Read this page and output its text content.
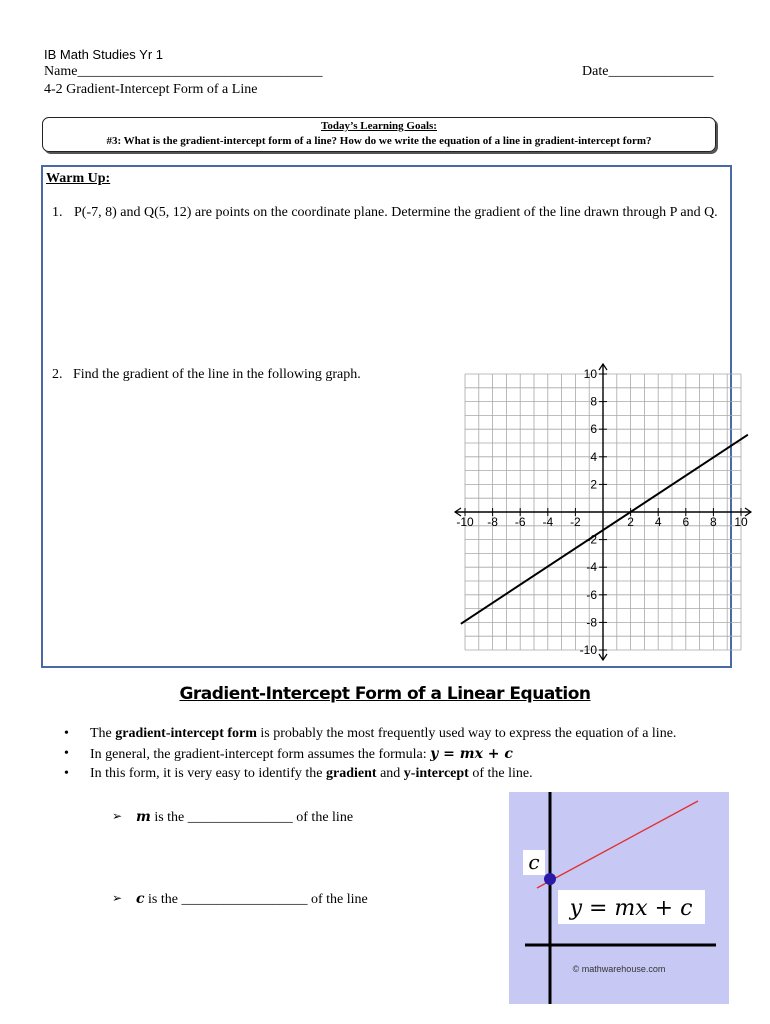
IB Math Studies Yr 1
Name___________________________________	Date_______________
4-2 Gradient-Intercept Form of a Line
Today’s Learning Goals:
#3: What is the gradient-intercept form of a line? How do we write the equation of a line in gradient-intercept form?
Warm Up:
1. P(-7, 8) and Q(5, 12) are points on the coordinate plane. Determine the gradient of the line drawn through P and Q.
2. Find the gradient of the line in the following graph.
-10 -8 -6 -4 -2	2 4 6 8 10
10
8
6
4
2
-2
-4
-6
-8
-10
Gradient-Intercept Form of a Linear Equation
• The gradient-intercept form is probably the most frequently used way to express the equation of a line.
• In general, the gradient-intercept form assumes the formula: y = mx + c
• In this form, it is very easy to identify the gradient and y-intercept of the line.
➢ m is the _______________ of the line
➢ c is the __________________ of the line
c
y = mx + c
© mathwarehouse.com
